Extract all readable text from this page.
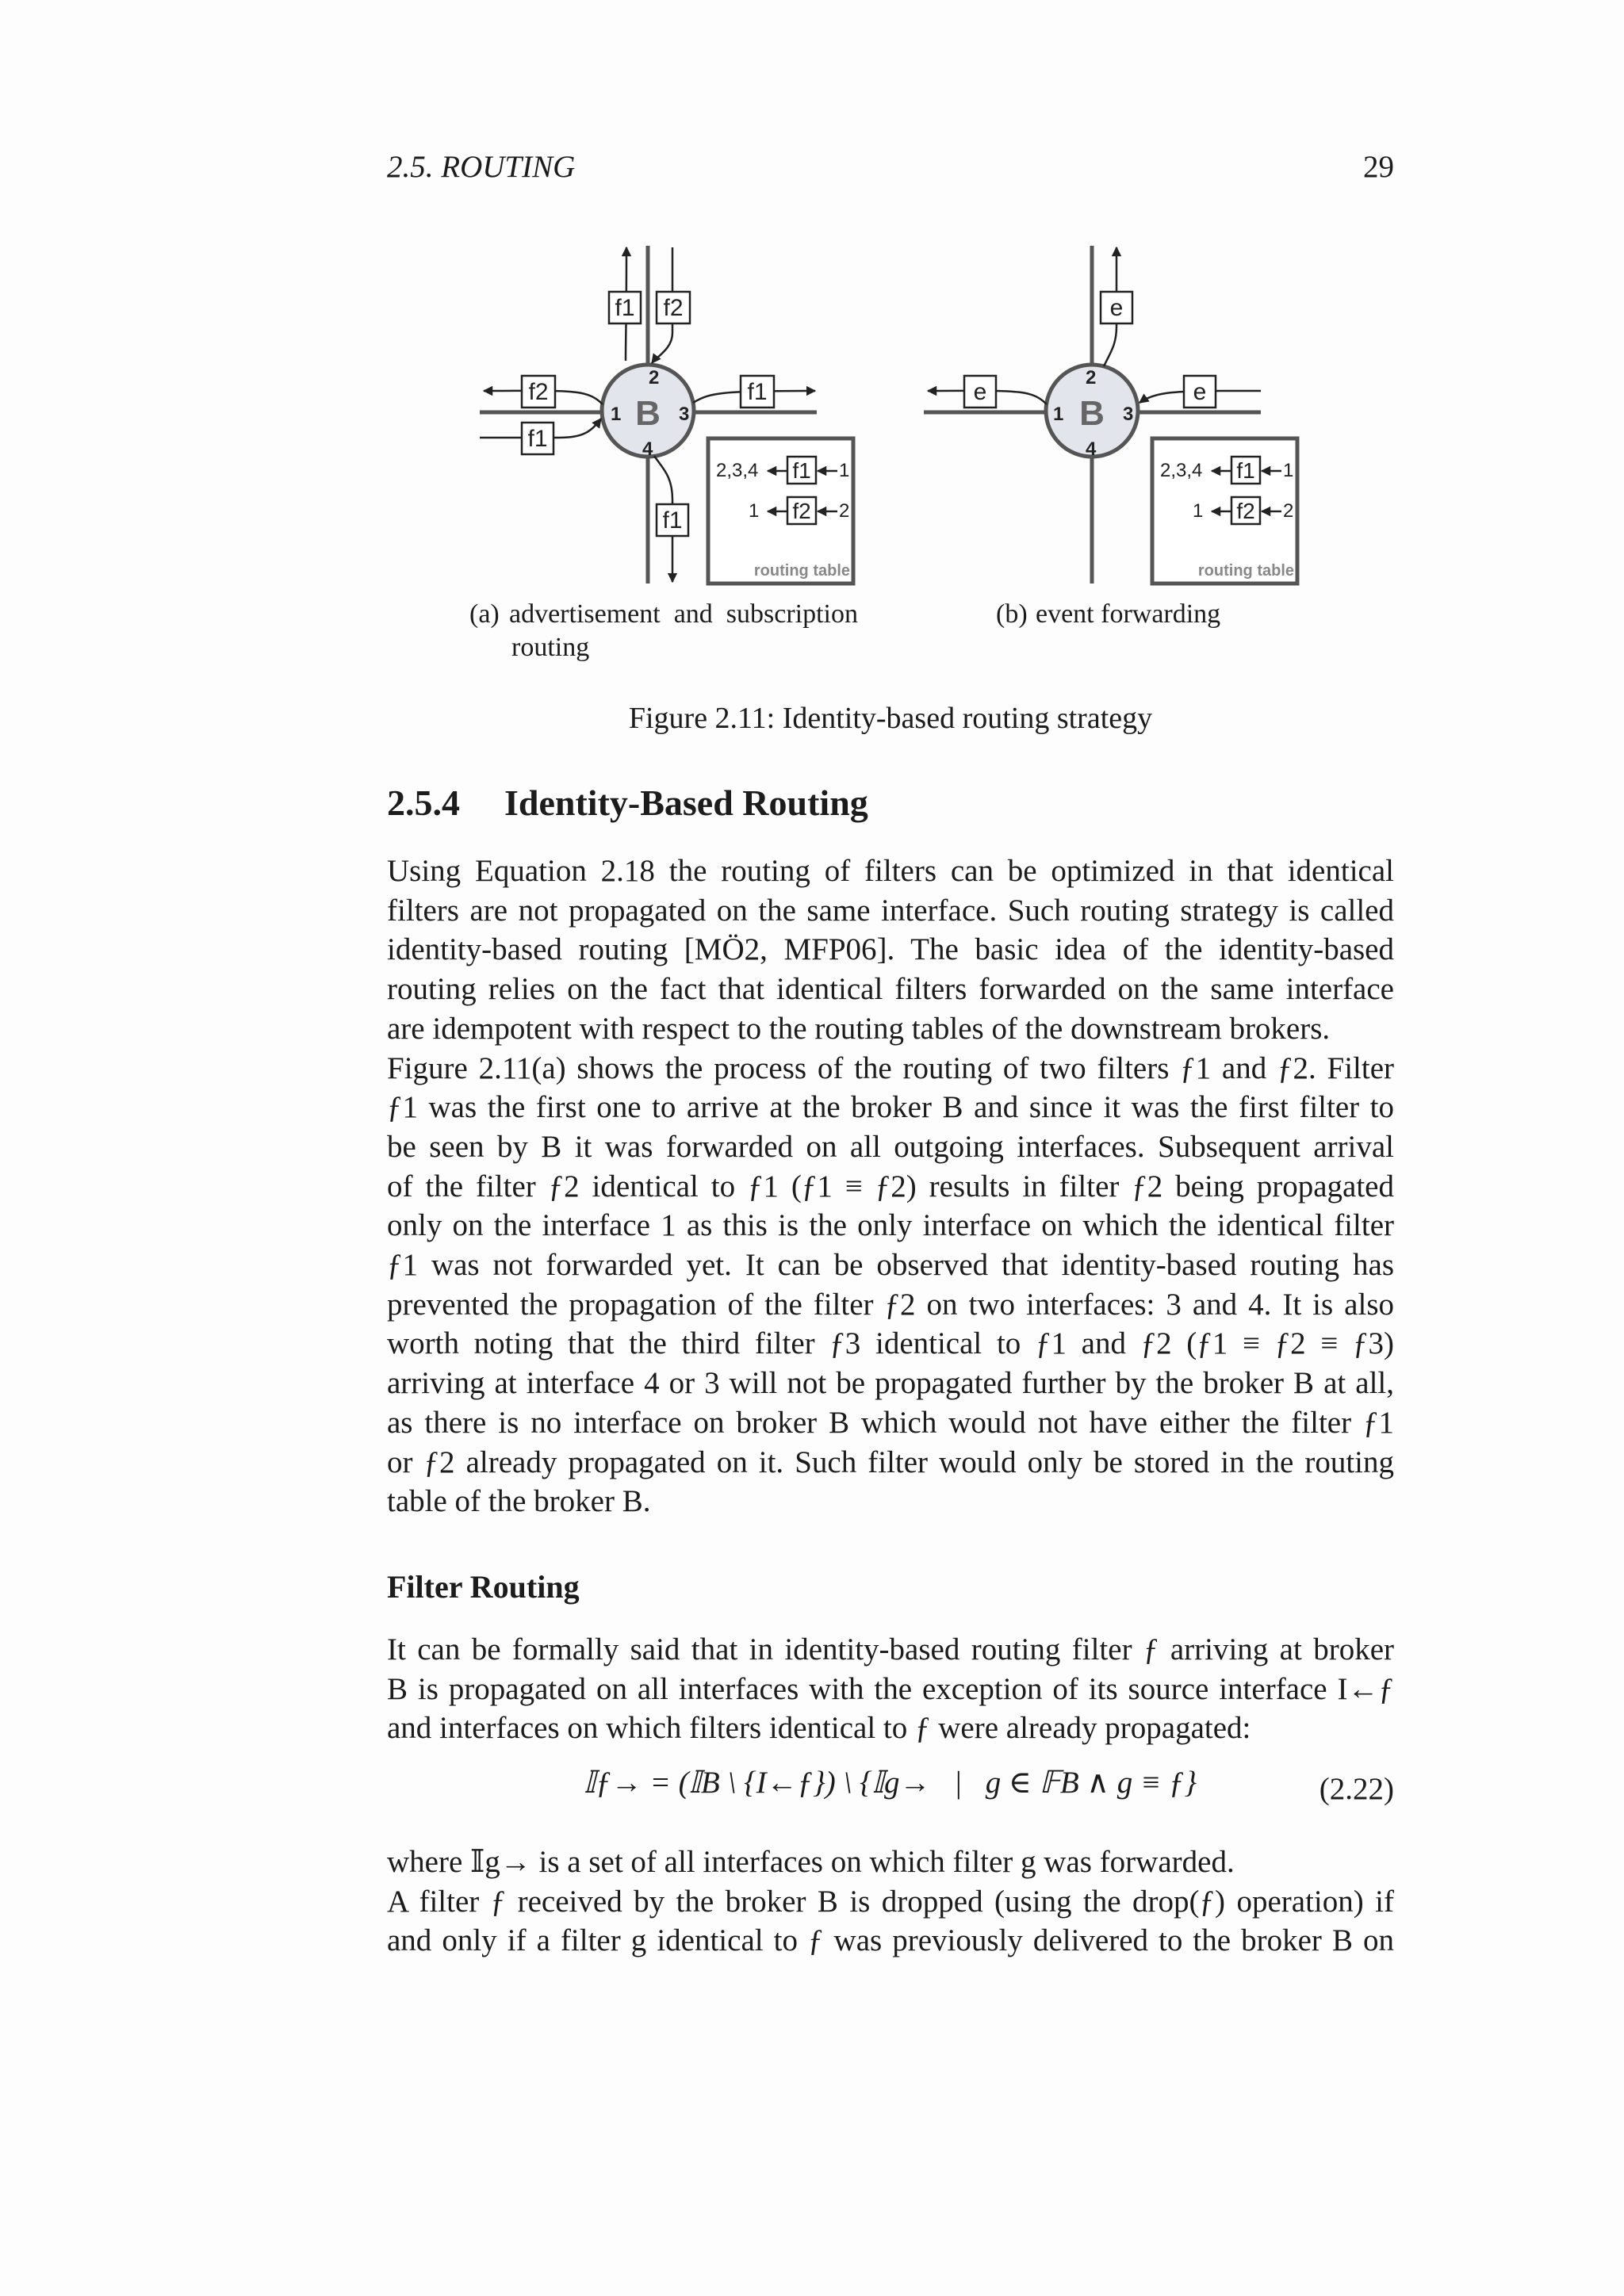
2.5. ROUTING	29
B
1
2
3
4
f1 f2
f2
f1
f1
f1
2,3,4 f1 1
1 f2 2
routing table
B
1
2
3
4
e
e	e
2,3,4 f1 1
1 f2 2
routing table
(a) advertisement  and  subscription
routing
(b) event forwarding
Figure 2.11: Identity-based routing strategy
2.5.4 Identity-Based Routing
Using Equation 2.18 the routing of filters can be optimized in that identical
filters are not propagated on the same interface. Such routing strategy is called
identity-based routing [MÖ2, MFP06]. The basic idea of the identity-based
routing relies on the fact that identical filters forwarded on the same interface
are idempotent with respect to the routing tables of the downstream brokers.
Figure 2.11(a) shows the process of the routing of two filters ƒ1 and ƒ2. Filter
ƒ1 was the first one to arrive at the broker B and since it was the first filter to
be seen by B it was forwarded on all outgoing interfaces. Subsequent arrival
of the filter ƒ2 identical to ƒ1 (ƒ1 ≡ ƒ2) results in filter ƒ2 being propagated
only on the interface 1 as this is the only interface on which the identical filter
ƒ1 was not forwarded yet. It can be observed that identity-based routing has
prevented the propagation of the filter ƒ2 on two interfaces: 3 and 4. It is also
worth noting that the third filter ƒ3 identical to ƒ1 and ƒ2 (ƒ1 ≡ ƒ2 ≡ ƒ3)
arriving at interface 4 or 3 will not be propagated further by the broker B at all,
as there is no interface on broker B which would not have either the filter ƒ1
or ƒ2 already propagated on it. Such filter would only be stored in the routing
table of the broker B.
Filter Routing
It can be formally said that in identity-based routing filter ƒ arriving at broker
B is propagated on all interfaces with the exception of its source interface I←ƒ
and interfaces on which filters identical to ƒ were already propagated:
𝕀ƒ→ = (𝕀B \ {I←ƒ}) \ {𝕀g→   |   g ∈ 𝔽B ∧ g ≡ ƒ}	(2.22)
where 𝕀g→ is a set of all interfaces on which filter g was forwarded.
A filter ƒ received by the broker B is dropped (using the drop(ƒ) operation) if
and only if a filter g identical to ƒ was previously delivered to the broker B on
